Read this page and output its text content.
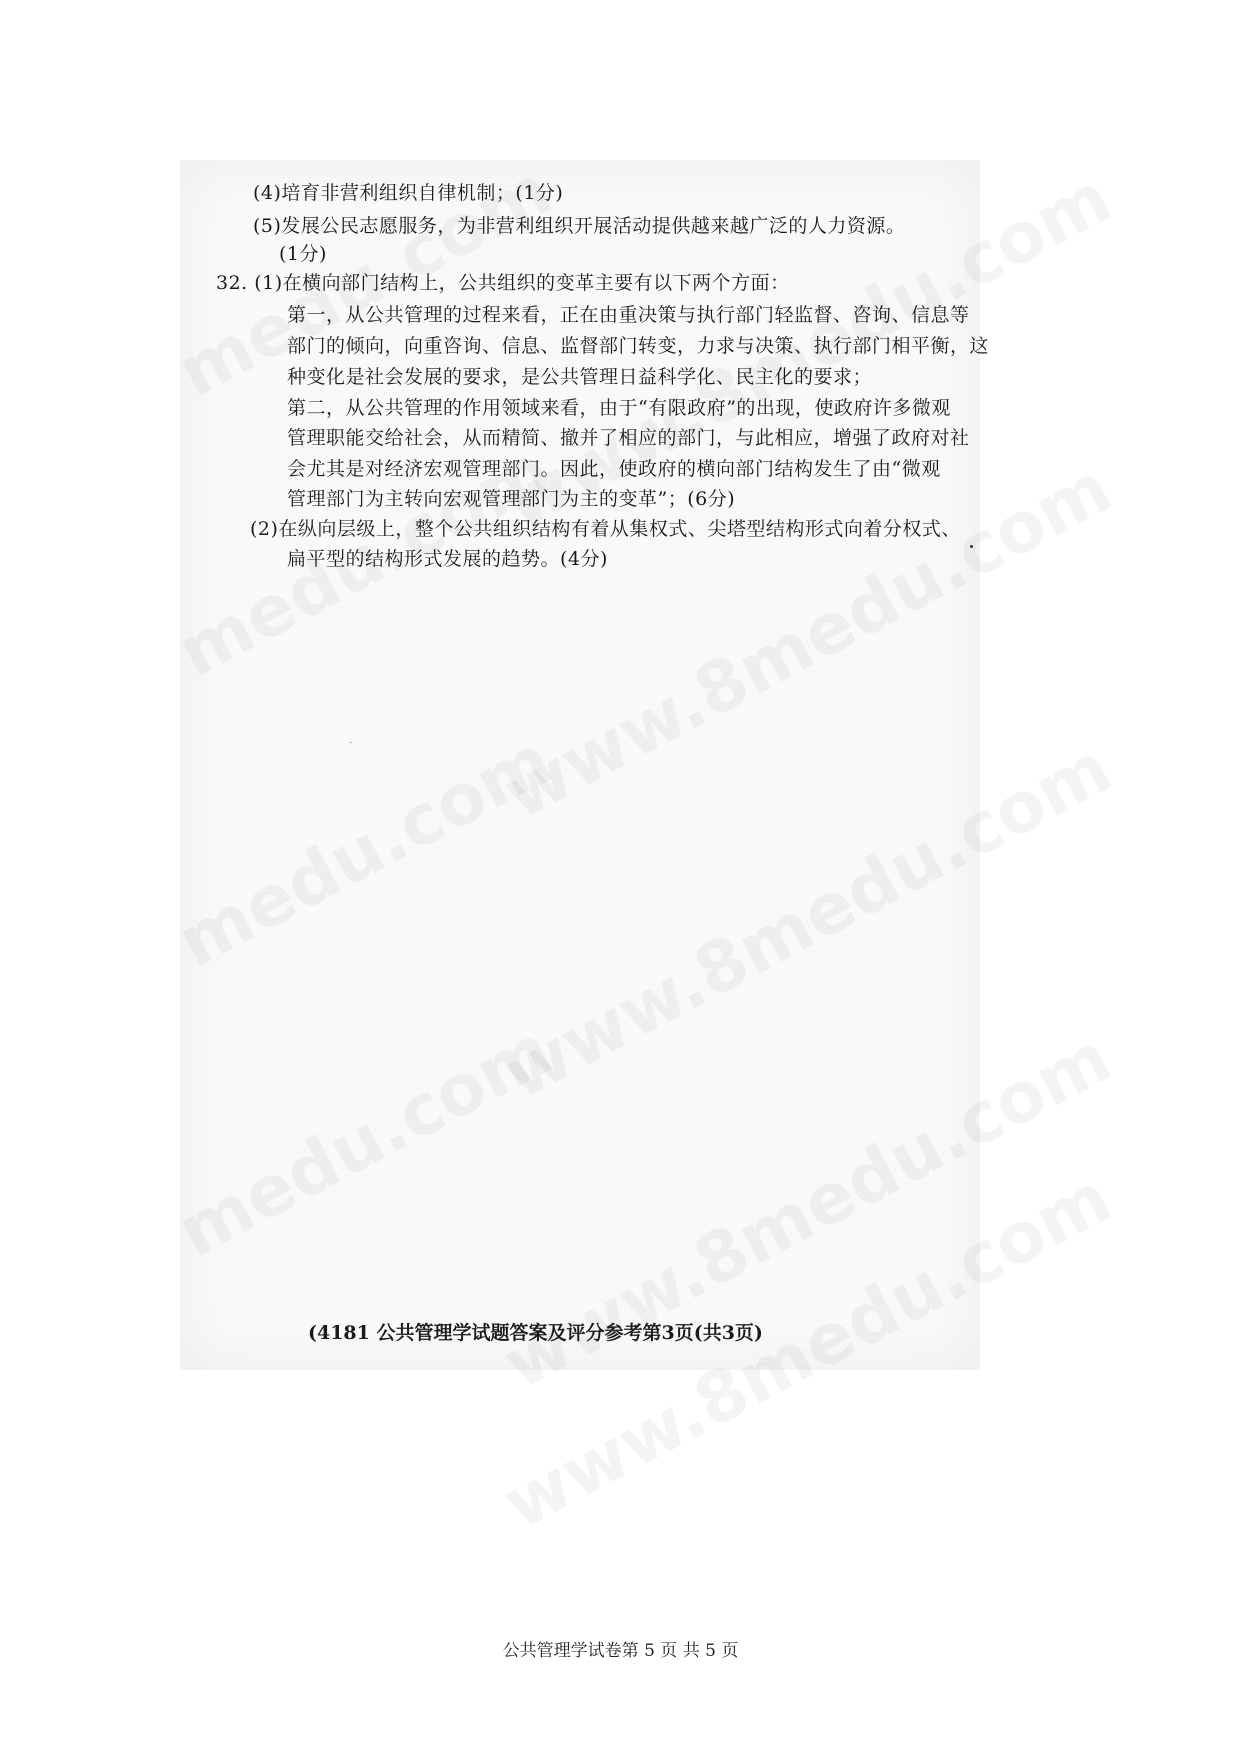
(4)培育非营利组织自律机制；(1分)
(5)发展公民志愿服务，为非营利组织开展活动提供越来越广泛的人力资源。
(1分)
32. (1)在横向部门结构上，公共组织的变革主要有以下两个方面：
第一，从公共管理的过程来看，正在由重决策与执行部门轻监督、咨询、信息等
部门的倾向，向重咨询、信息、监督部门转变，力求与决策、执行部门相平衡，这
种变化是社会发展的要求，是公共管理日益科学化、民主化的要求；
第二，从公共管理的作用领域来看，由于“有限政府”的出现，使政府许多微观
管理职能交给社会，从而精简、撤并了相应的部门，与此相应，增强了政府对社
会尤其是对经济宏观管理部门。因此，使政府的横向部门结构发生了由“微观
管理部门为主转向宏观管理部门为主的变革”；(6分)
(2)在纵向层级上，整个公共组织结构有着从集权式、尖塔型结构形式向着分权式、
扁平型的结构形式发展的趋势。(4分)
(4181 公共管理学试题答案及评分参考第3页(共3页)
公共管理学试卷第 5 页 共 5 页
